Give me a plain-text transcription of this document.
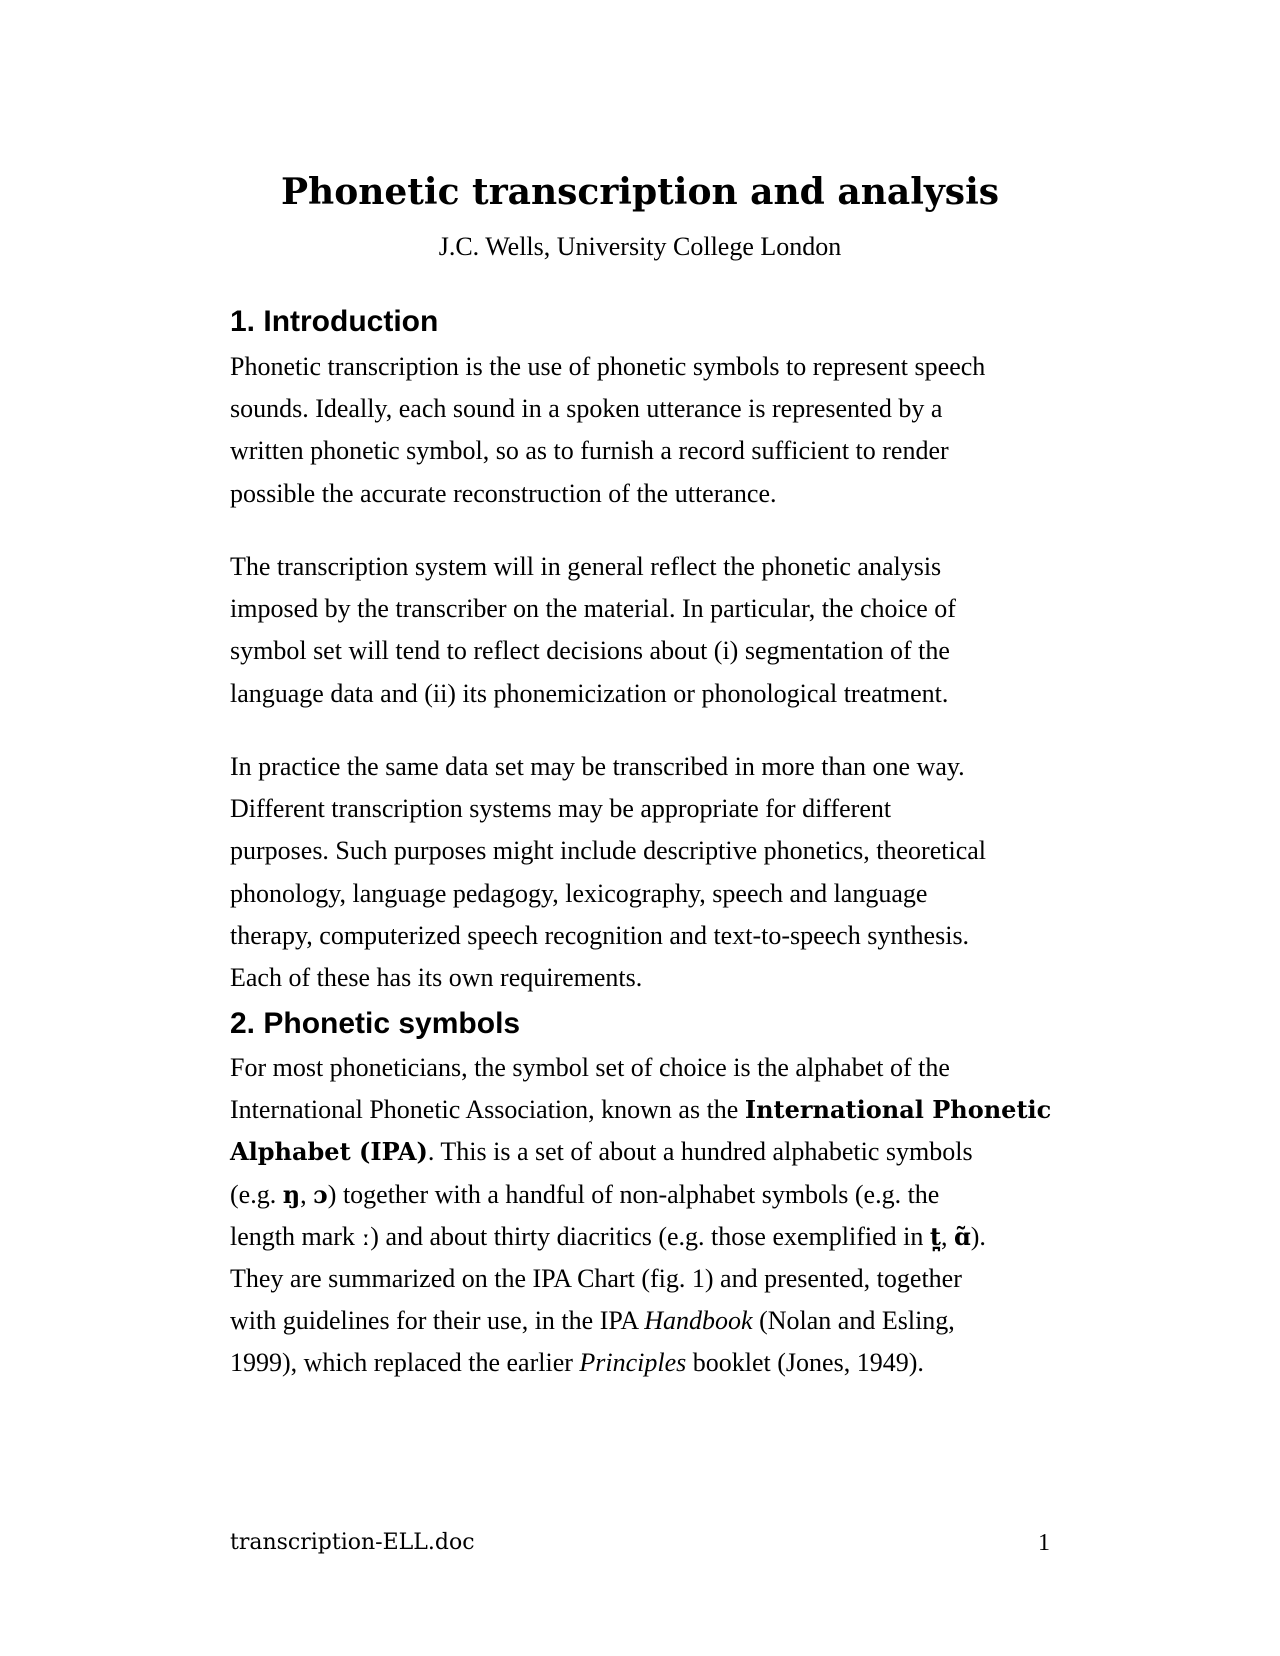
Phonetic transcription and analysis

J.C. Wells, University College London

1. Introduction

Phonetic transcription is the use of phonetic symbols to represent speech
sounds. Ideally, each sound in a spoken utterance is represented by a
written phonetic symbol, so as to furnish a record sufficient to render
possible the accurate reconstruction of the utterance.

The transcription system will in general reflect the phonetic analysis
imposed by the transcriber on the material. In particular, the choice of
symbol set will tend to reflect decisions about (i) segmentation of the
language data and (ii) its phonemicization or phonological treatment.

In practice the same data set may be transcribed in more than one way.
Different transcription systems may be appropriate for different
purposes. Such purposes might include descriptive phonetics, theoretical
phonology, language pedagogy, lexicography, speech and language
therapy, computerized speech recognition and text-to-speech synthesis.
Each of these has its own requirements.

2. Phonetic symbols

For most phoneticians, the symbol set of choice is the alphabet of the
International Phonetic Association, known as the International Phonetic
Alphabet (IPA). This is a set of about a hundred alphabetic symbols
(e.g. ŋ, ɔ) together with a handful of non-alphabet symbols (e.g. the
length mark ː) and about thirty diacritics (e.g. those exemplified in t̪, ɑ̃).
They are summarized on the IPA Chart (fig. 1) and presented, together
with guidelines for their use, in the IPA Handbook (Nolan and Esling,
1999), which replaced the earlier Principles booklet (Jones, 1949).

transcription-ELL.doc	1
